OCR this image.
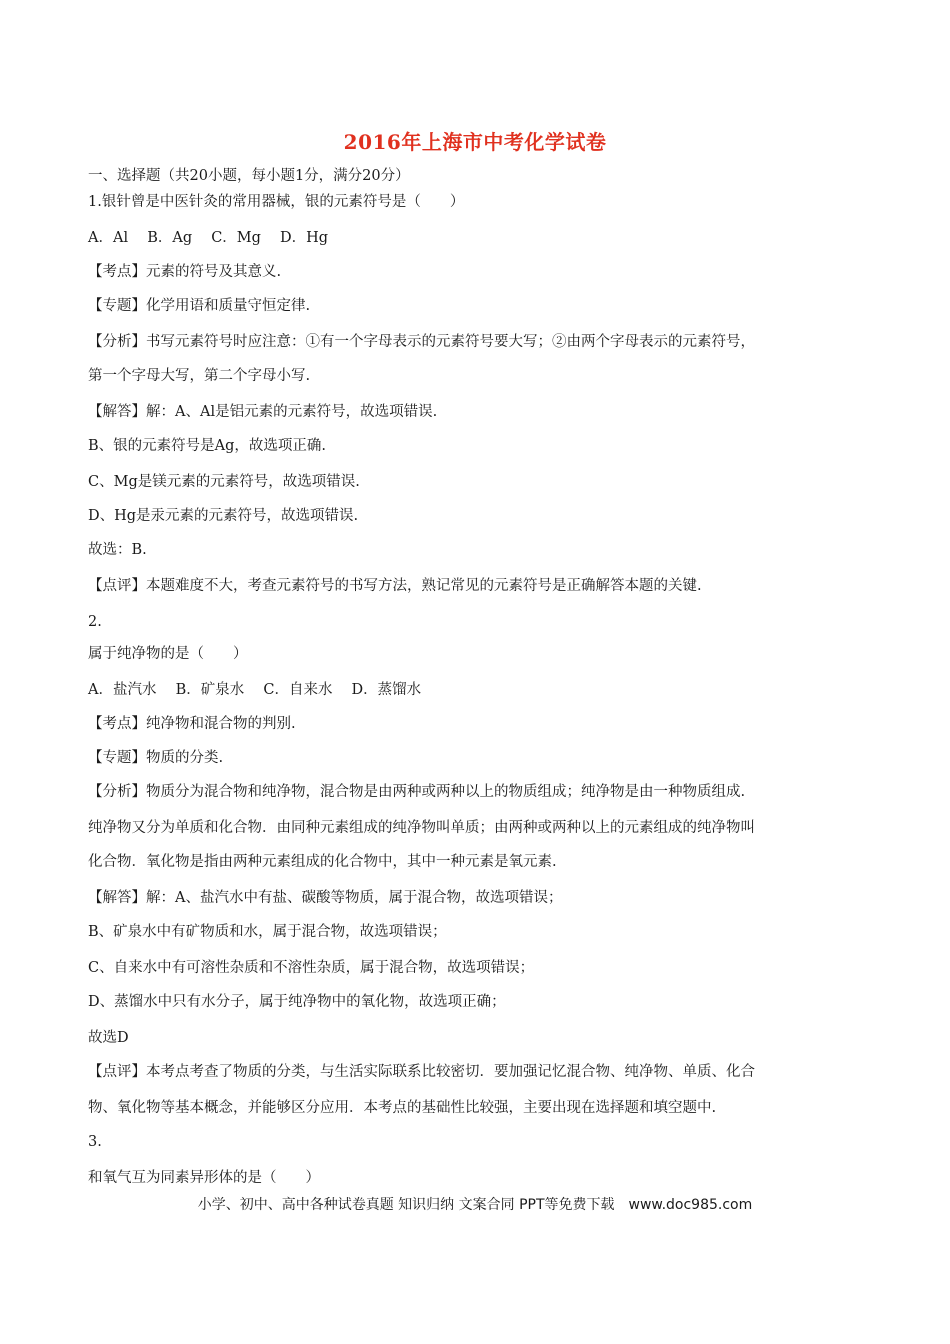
2016年上海市中考化学试卷
一、选择题（共20小题，每小题1分，满分20分）
1.银针曾是中医针灸的常用器械，银的元素符号是（　　）
A．Al　 B．Ag　 C．Mg　 D．Hg
【考点】元素的符号及其意义.
【专题】化学用语和质量守恒定律.
【分析】书写元素符号时应注意：①有一个字母表示的元素符号要大写；②由两个字母表示的元素符号，
第一个字母大写，第二个字母小写.
【解答】解：A、Al是铝元素的元素符号，故选项错误.
B、银的元素符号是Ag，故选项正确.
C、Mg是镁元素的元素符号，故选项错误.
D、Hg是汞元素的元素符号，故选项错误.
故选：B.
【点评】本题难度不大，考查元素符号的书写方法，熟记常见的元素符号是正确解答本题的关键.
2.
属于纯净物的是（　　）
A．盐汽水　 B．矿泉水　 C．自来水　 D．蒸馏水
【考点】纯净物和混合物的判别.
【专题】物质的分类.
【分析】物质分为混合物和纯净物，混合物是由两种或两种以上的物质组成；纯净物是由一种物质组成.
纯净物又分为单质和化合物．由同种元素组成的纯净物叫单质；由两种或两种以上的元素组成的纯净物叫
化合物．氧化物是指由两种元素组成的化合物中，其中一种元素是氧元素.
【解答】解：A、盐汽水中有盐、碳酸等物质，属于混合物，故选项错误；
B、矿泉水中有矿物质和水，属于混合物，故选项错误；
C、自来水中有可溶性杂质和不溶性杂质，属于混合物，故选项错误；
D、蒸馏水中只有水分子，属于纯净物中的氧化物，故选项正确；
故选D
【点评】本考点考查了物质的分类，与生活实际联系比较密切．要加强记忆混合物、纯净物、单质、化合
物、氧化物等基本概念，并能够区分应用．本考点的基础性比较强，主要出现在选择题和填空题中.
3.
和氧气互为同素异形体的是（　　）
小学、初中、高中各种试卷真题 知识归纳 文案合同 PPT等免费下载　www.doc985.com
